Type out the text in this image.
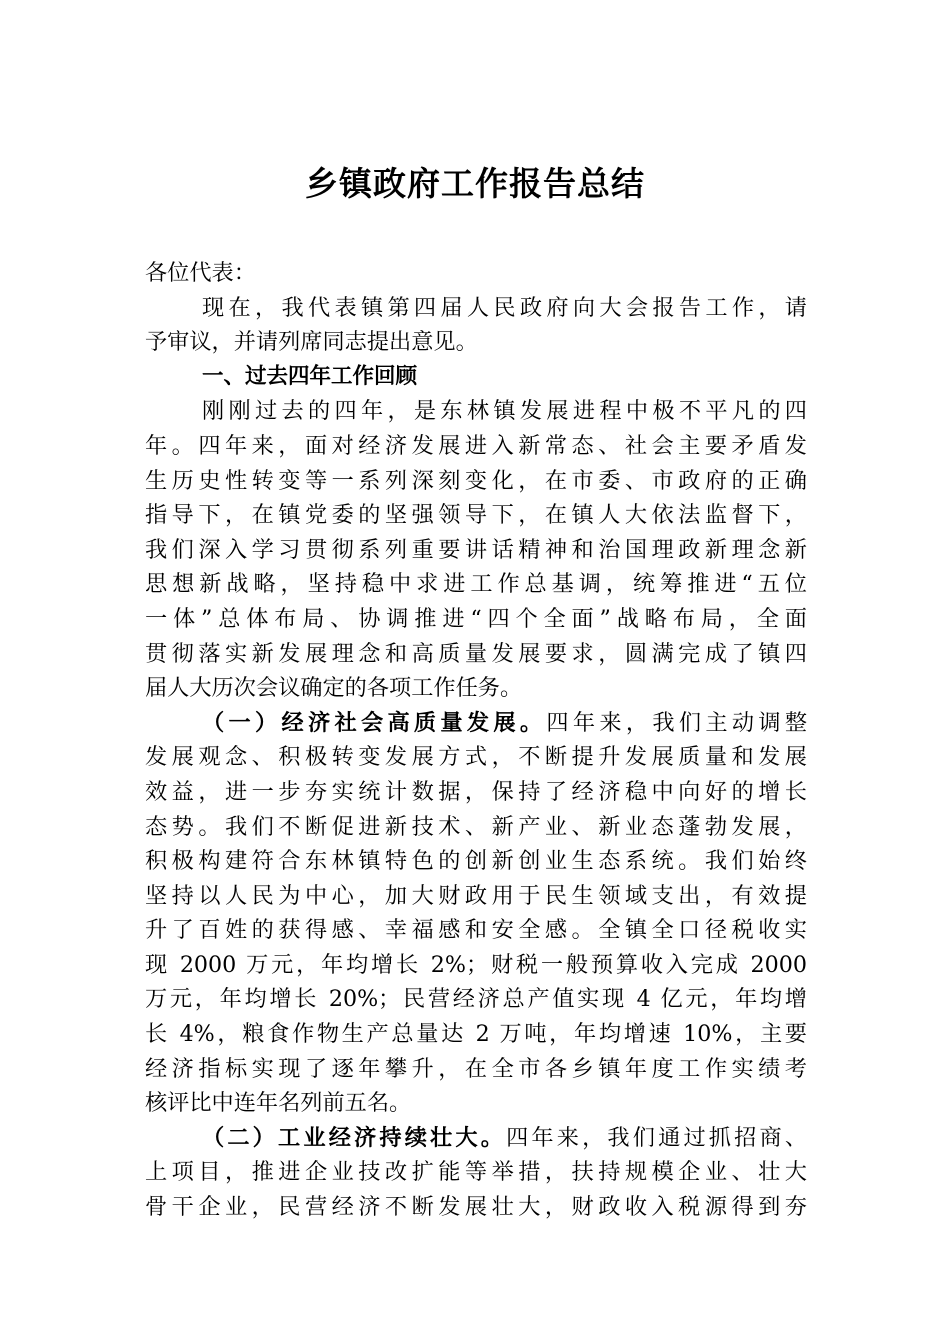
乡镇政府工作报告总结
各位代表：
现在，我代表镇第四届人民政府向大会报告工作，请
予审议，并请列席同志提出意见。
一、过去四年工作回顾
刚刚过去的四年，是东林镇发展进程中极不平凡的四
年。四年来，面对经济发展进入新常态、社会主要矛盾发
生历史性转变等一系列深刻变化，在市委、市政府的正确
指导下，在镇党委的坚强领导下，在镇人大依法监督下，
我们深入学习贯彻系列重要讲话精神和治国理政新理念新
思想新战略，坚持稳中求进工作总基调，统筹推进“五位
一体”总体布局、协调推进“四个全面”战略布局，全面
贯彻落实新发展理念和高质量发展要求，圆满完成了镇四
届人大历次会议确定的各项工作任务。
（一）经济社会高质量发展。四年来，我们主动调整
发展观念、积极转变发展方式，不断提升发展质量和发展
效益，进一步夯实统计数据，保持了经济稳中向好的增长
态势。我们不断促进新技术、新产业、新业态蓬勃发展，
积极构建符合东林镇特色的创新创业生态系统。我们始终
坚持以人民为中心，加大财政用于民生领域支出，有效提
升了百姓的获得感、幸福感和安全感。全镇全口径税收实
现 2000 万元，年均增长 2%；财税一般预算收入完成 2000
万元，年均增长 20%；民营经济总产值实现 4 亿元，年均增
长 4%，粮食作物生产总量达 2 万吨，年均增速 10%，主要
经济指标实现了逐年攀升，在全市各乡镇年度工作实绩考
核评比中连年名列前五名。
（二）工业经济持续壮大。四年来，我们通过抓招商、
上项目，推进企业技改扩能等举措，扶持规模企业、壮大
骨干企业，民营经济不断发展壮大，财政收入税源得到夯
